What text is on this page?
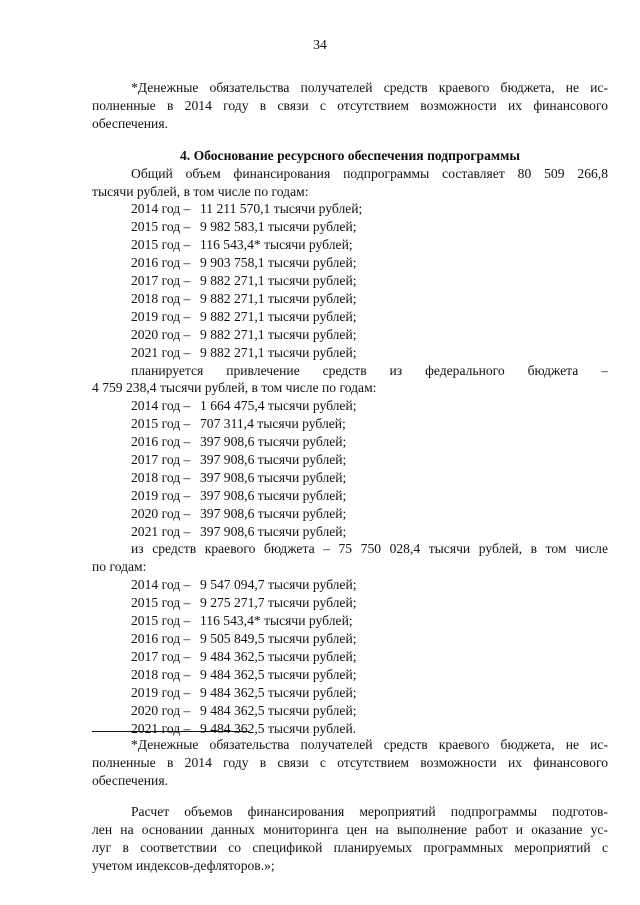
34
*Денежные обязательства получателей средств краевого бюджета, не ис-
полненные в 2014 году в связи с отсутствием возможности их финансового
обеспечения.
4. Обоснование ресурсного обеспечения подпрограммы
Общий объем финансирования подпрограммы составляет 80 509 266,8
тысячи рублей, в том числе по годам:
2014 год – 11 211 570,1 тысячи рублей;
2015 год – 9 982 583,1 тысячи рублей;
2015 год – 116 543,4* тысячи рублей;
2016 год – 9 903 758,1 тысячи рублей;
2017 год – 9 882 271,1 тысячи рублей;
2018 год – 9 882 271,1 тысячи рублей;
2019 год – 9 882 271,1 тысячи рублей;
2020 год – 9 882 271,1 тысячи рублей;
2021 год – 9 882 271,1 тысячи рублей;
планируется привлечение средств из федерального бюджета –
4 759 238,4 тысячи рублей, в том числе по годам:
2014 год – 1 664 475,4 тысячи рублей;
2015 год – 707 311,4 тысячи рублей;
2016 год – 397 908,6 тысячи рублей;
2017 год – 397 908,6 тысячи рублей;
2018 год – 397 908,6 тысячи рублей;
2019 год – 397 908,6 тысячи рублей;
2020 год – 397 908,6 тысячи рублей;
2021 год – 397 908,6 тысячи рублей;
из средств краевого бюджета – 75 750 028,4 тысячи рублей, в том числе
по годам:
2014 год – 9 547 094,7 тысячи рублей;
2015 год – 9 275 271,7 тысячи рублей;
2015 год – 116 543,4* тысячи рублей;
2016 год – 9 505 849,5 тысячи рублей;
2017 год – 9 484 362,5 тысячи рублей;
2018 год – 9 484 362,5 тысячи рублей;
2019 год – 9 484 362,5 тысячи рублей;
2020 год – 9 484 362,5 тысячи рублей;
2021 год – 9 484 362,5 тысячи рублей.
*Денежные обязательства получателей средств краевого бюджета, не ис-
полненные в 2014 году в связи с отсутствием возможности их финансового
обеспечения.
Расчет объемов финансирования мероприятий подпрограммы подготов-
лен на основании данных мониторинга цен на выполнение работ и оказание ус-
луг в соответствии со спецификой планируемых программных мероприятий с
учетом индексов-дефляторов.»;
